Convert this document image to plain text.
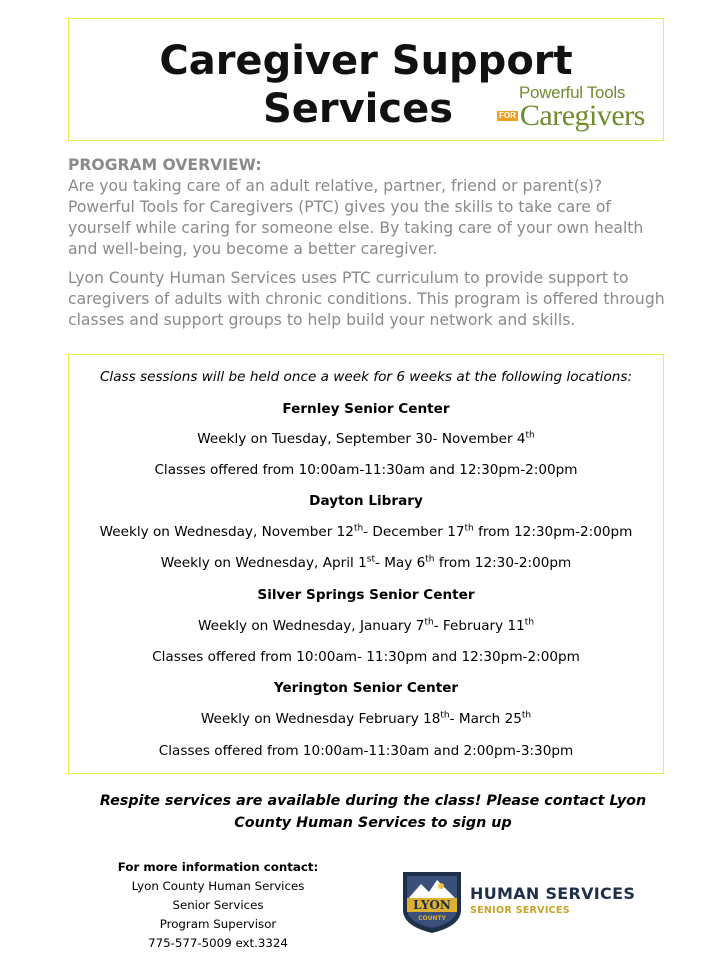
Caregiver Support
Services	Powerful Tools
FOR Caregivers

PROGRAM OVERVIEW:
Are you taking care of an adult relative, partner, friend or parent(s)? Powerful Tools for Caregivers (PTC) gives you the skills to take care of yourself while caring for someone else. By taking care of your own health and well-being, you become a better caregiver.

Lyon County Human Services uses PTC curriculum to provide support to caregivers of adults with chronic conditions. This program is offered through classes and support groups to help build your network and skills.

Class sessions will be held once a week for 6 weeks at the following locations:
Fernley Senior Center
Weekly on Tuesday, September 30- November 4th
Classes offered from 10:00am-11:30am and 12:30pm-2:00pm
Dayton Library
Weekly on Wednesday, November 12th- December 17th from 12:30pm-2:00pm
Weekly on Wednesday, April 1st- May 6th from 12:30-2:00pm
Silver Springs Senior Center
Weekly on Wednesday, January 7th- February 11th
Classes offered from 10:00am- 11:30pm and 12:30pm-2:00pm
Yerington Senior Center
Weekly on Wednesday February 18th- March 25th
Classes offered from 10:00am-11:30am and 2:00pm-3:30pm
Respite services are available during the class! Please contact Lyon
County Human Services to sign up
For more information contact:
Lyon County Human Services
Senior Services
Program Supervisor
775-577-5009 ext.3324
LYON
COUNTY
HUMAN SERVICES
SENIOR SERVICES
